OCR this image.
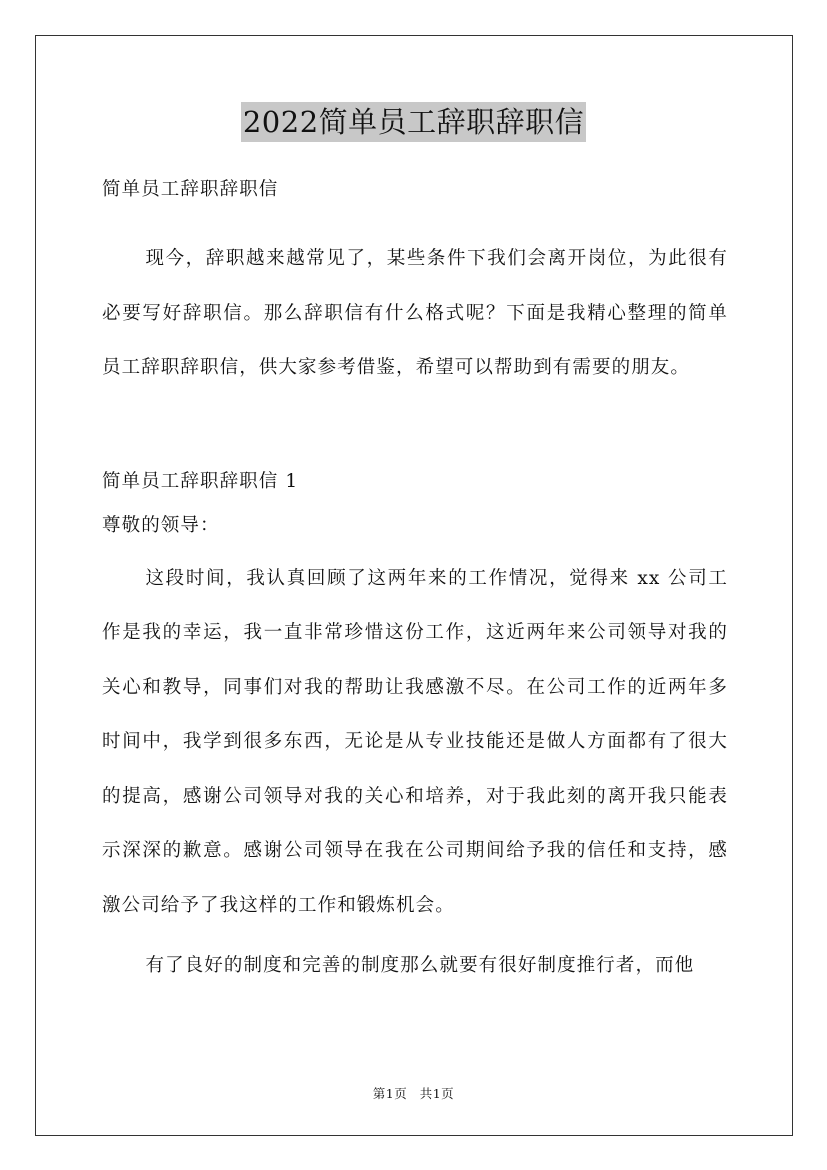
2022简单员工辞职辞职信
简单员工辞职辞职信

现今，辞职越来越常见了，某些条件下我们会离开岗位，为此很有必要写好辞职信。那么辞职信有什么格式呢？下面是我精心整理的简单员工辞职辞职信，供大家参考借鉴，希望可以帮助到有需要的朋友。

简单员工辞职辞职信 1
尊敬的领导：

这段时间，我认真回顾了这两年来的工作情况，觉得来 xx 公司工作是我的幸运，我一直非常珍惜这份工作，这近两年来公司领导对我的关心和教导，同事们对我的帮助让我感激不尽。在公司工作的近两年多时间中，我学到很多东西，无论是从专业技能还是做人方面都有了很大的提高，感谢公司领导对我的关心和培养，对于我此刻的离开我只能表示深深的歉意。感谢公司领导在我在公司期间给予我的信任和支持，感激公司给予了我这样的工作和锻炼机会。

有了良好的制度和完善的制度那么就要有很好制度推行者，而他

第1页 共1页
